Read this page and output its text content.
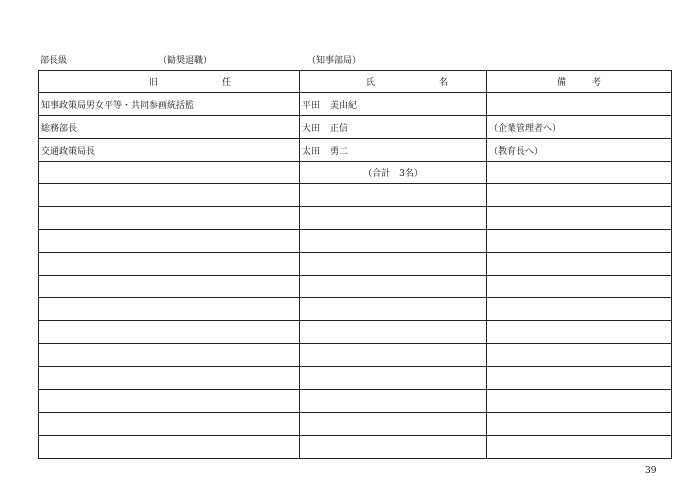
部長級	（勧奨退職）	（知事部局）
旧 任	氏 名	備 考

知事政策局男女平等・共同参画統括監	平田 美由紀	
総務部長	大田 正信	（企業管理者へ）
交通政策局長	太田 勇二	（教育長へ）
	（合計　3名）	

39
